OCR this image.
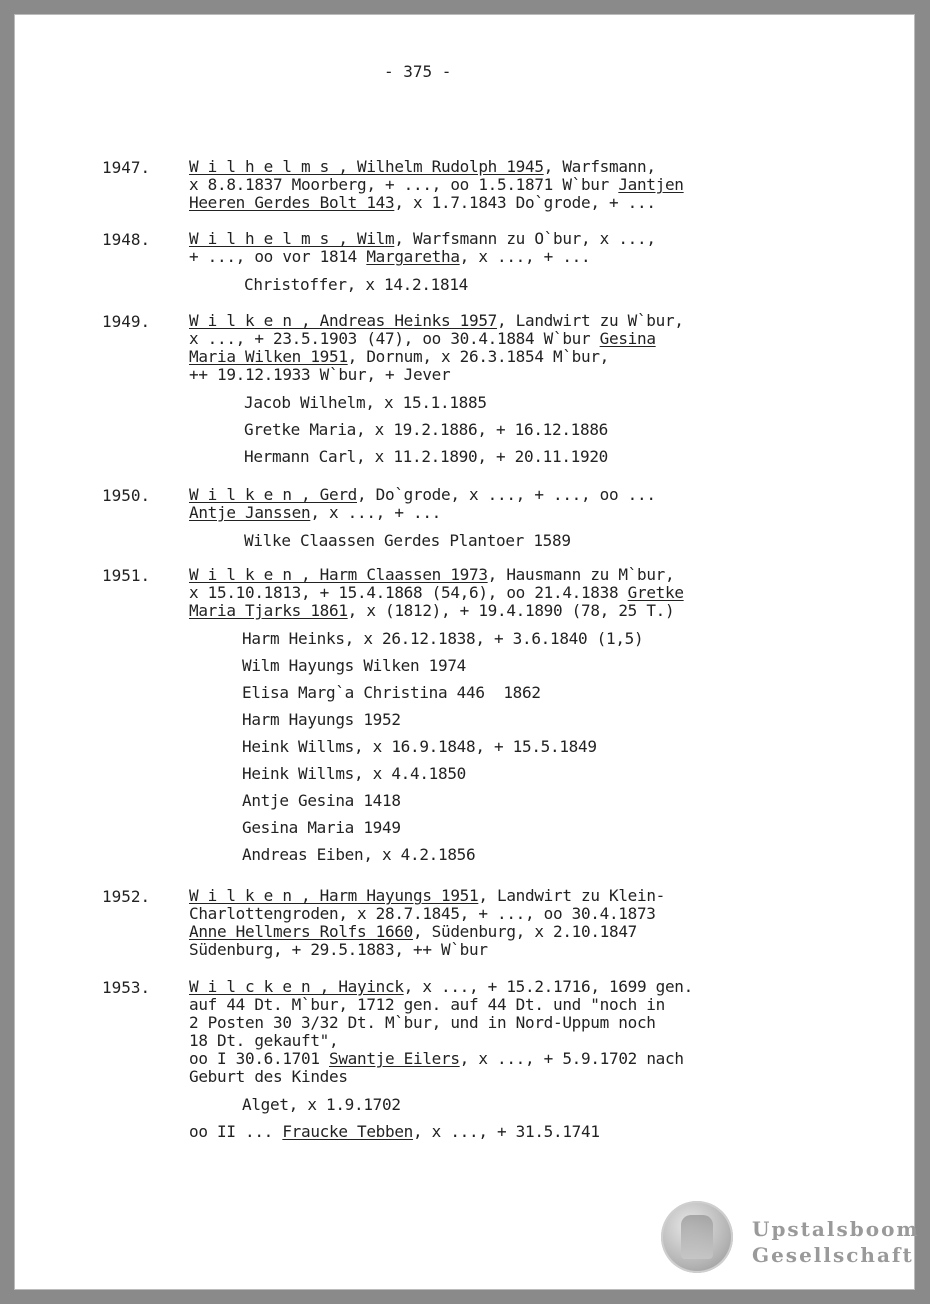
- 375 -
1947. W i l h e l m s , Wilhelm Rudolph 1945, Warfsmann,
x 8.8.1837 Moorberg, + ..., oo 1.5.1871 W`bur Jantjen
Heeren Gerdes Bolt 143, x 1.7.1843 Do`grode, + ...
1948. W i l h e l m s , Wilm, Warfsmann zu O`bur, x ...,
+ ..., oo vor 1814 Margaretha, x ..., + ...
Christoffer, x 14.2.1814
1949. W i l k e n , Andreas Heinks 1957, Landwirt zu W`bur,
x ..., + 23.5.1903 (47), oo 30.4.1884 W`bur Gesina
Maria Wilken 1951, Dornum, x 26.3.1854 M`bur,
++ 19.12.1933 W`bur, + Jever
Jacob Wilhelm, x 15.1.1885
Gretke Maria, x 19.2.1886, + 16.12.1886
Hermann Carl, x 11.2.1890, + 20.11.1920
1950. W i l k e n , Gerd, Do`grode, x ..., + ..., oo ...
Antje Janssen, x ..., + ...
Wilke Claassen Gerdes Plantoer 1589
1951. W i l k e n , Harm Claassen 1973, Hausmann zu M`bur,
x 15.10.1813, + 15.4.1868 (54,6), oo 21.4.1838 Gretke
Maria Tjarks 1861, x (1812), + 19.4.1890 (78, 25 T.)
Harm Heinks, x 26.12.1838, + 3.6.1840 (1,5)
Wilm Hayungs Wilken 1974
Elisa Marg`a Christina 446  1862
Harm Hayungs 1952
Heink Willms, x 16.9.1848, + 15.5.1849
Heink Willms, x 4.4.1850
Antje Gesina 1418
Gesina Maria 1949
Andreas Eiben, x 4.2.1856
1952. W i l k e n , Harm Hayungs 1951, Landwirt zu Klein-
Charlottengroden, x 28.7.1845, + ..., oo 30.4.1873
Anne Hellmers Rolfs 1660, Südenburg, x 2.10.1847
Südenburg, + 29.5.1883, ++ W`bur
1953. W i l c k e n , Hayinck, x ..., + 15.2.1716, 1699 gen.
auf 44 Dt. M`bur, 1712 gen. auf 44 Dt. und "noch in
2 Posten 30 3/32 Dt. M`bur, und in Nord-Uppum noch
18 Dt. gekauft",
oo I 30.6.1701 Swantje Eilers, x ..., + 5.9.1702 nach
Geburt des Kindes
Alget, x 1.9.1702
oo II ... Fraucke Tebben, x ..., + 31.5.1741
Upstalsboom
Gesellschaft
